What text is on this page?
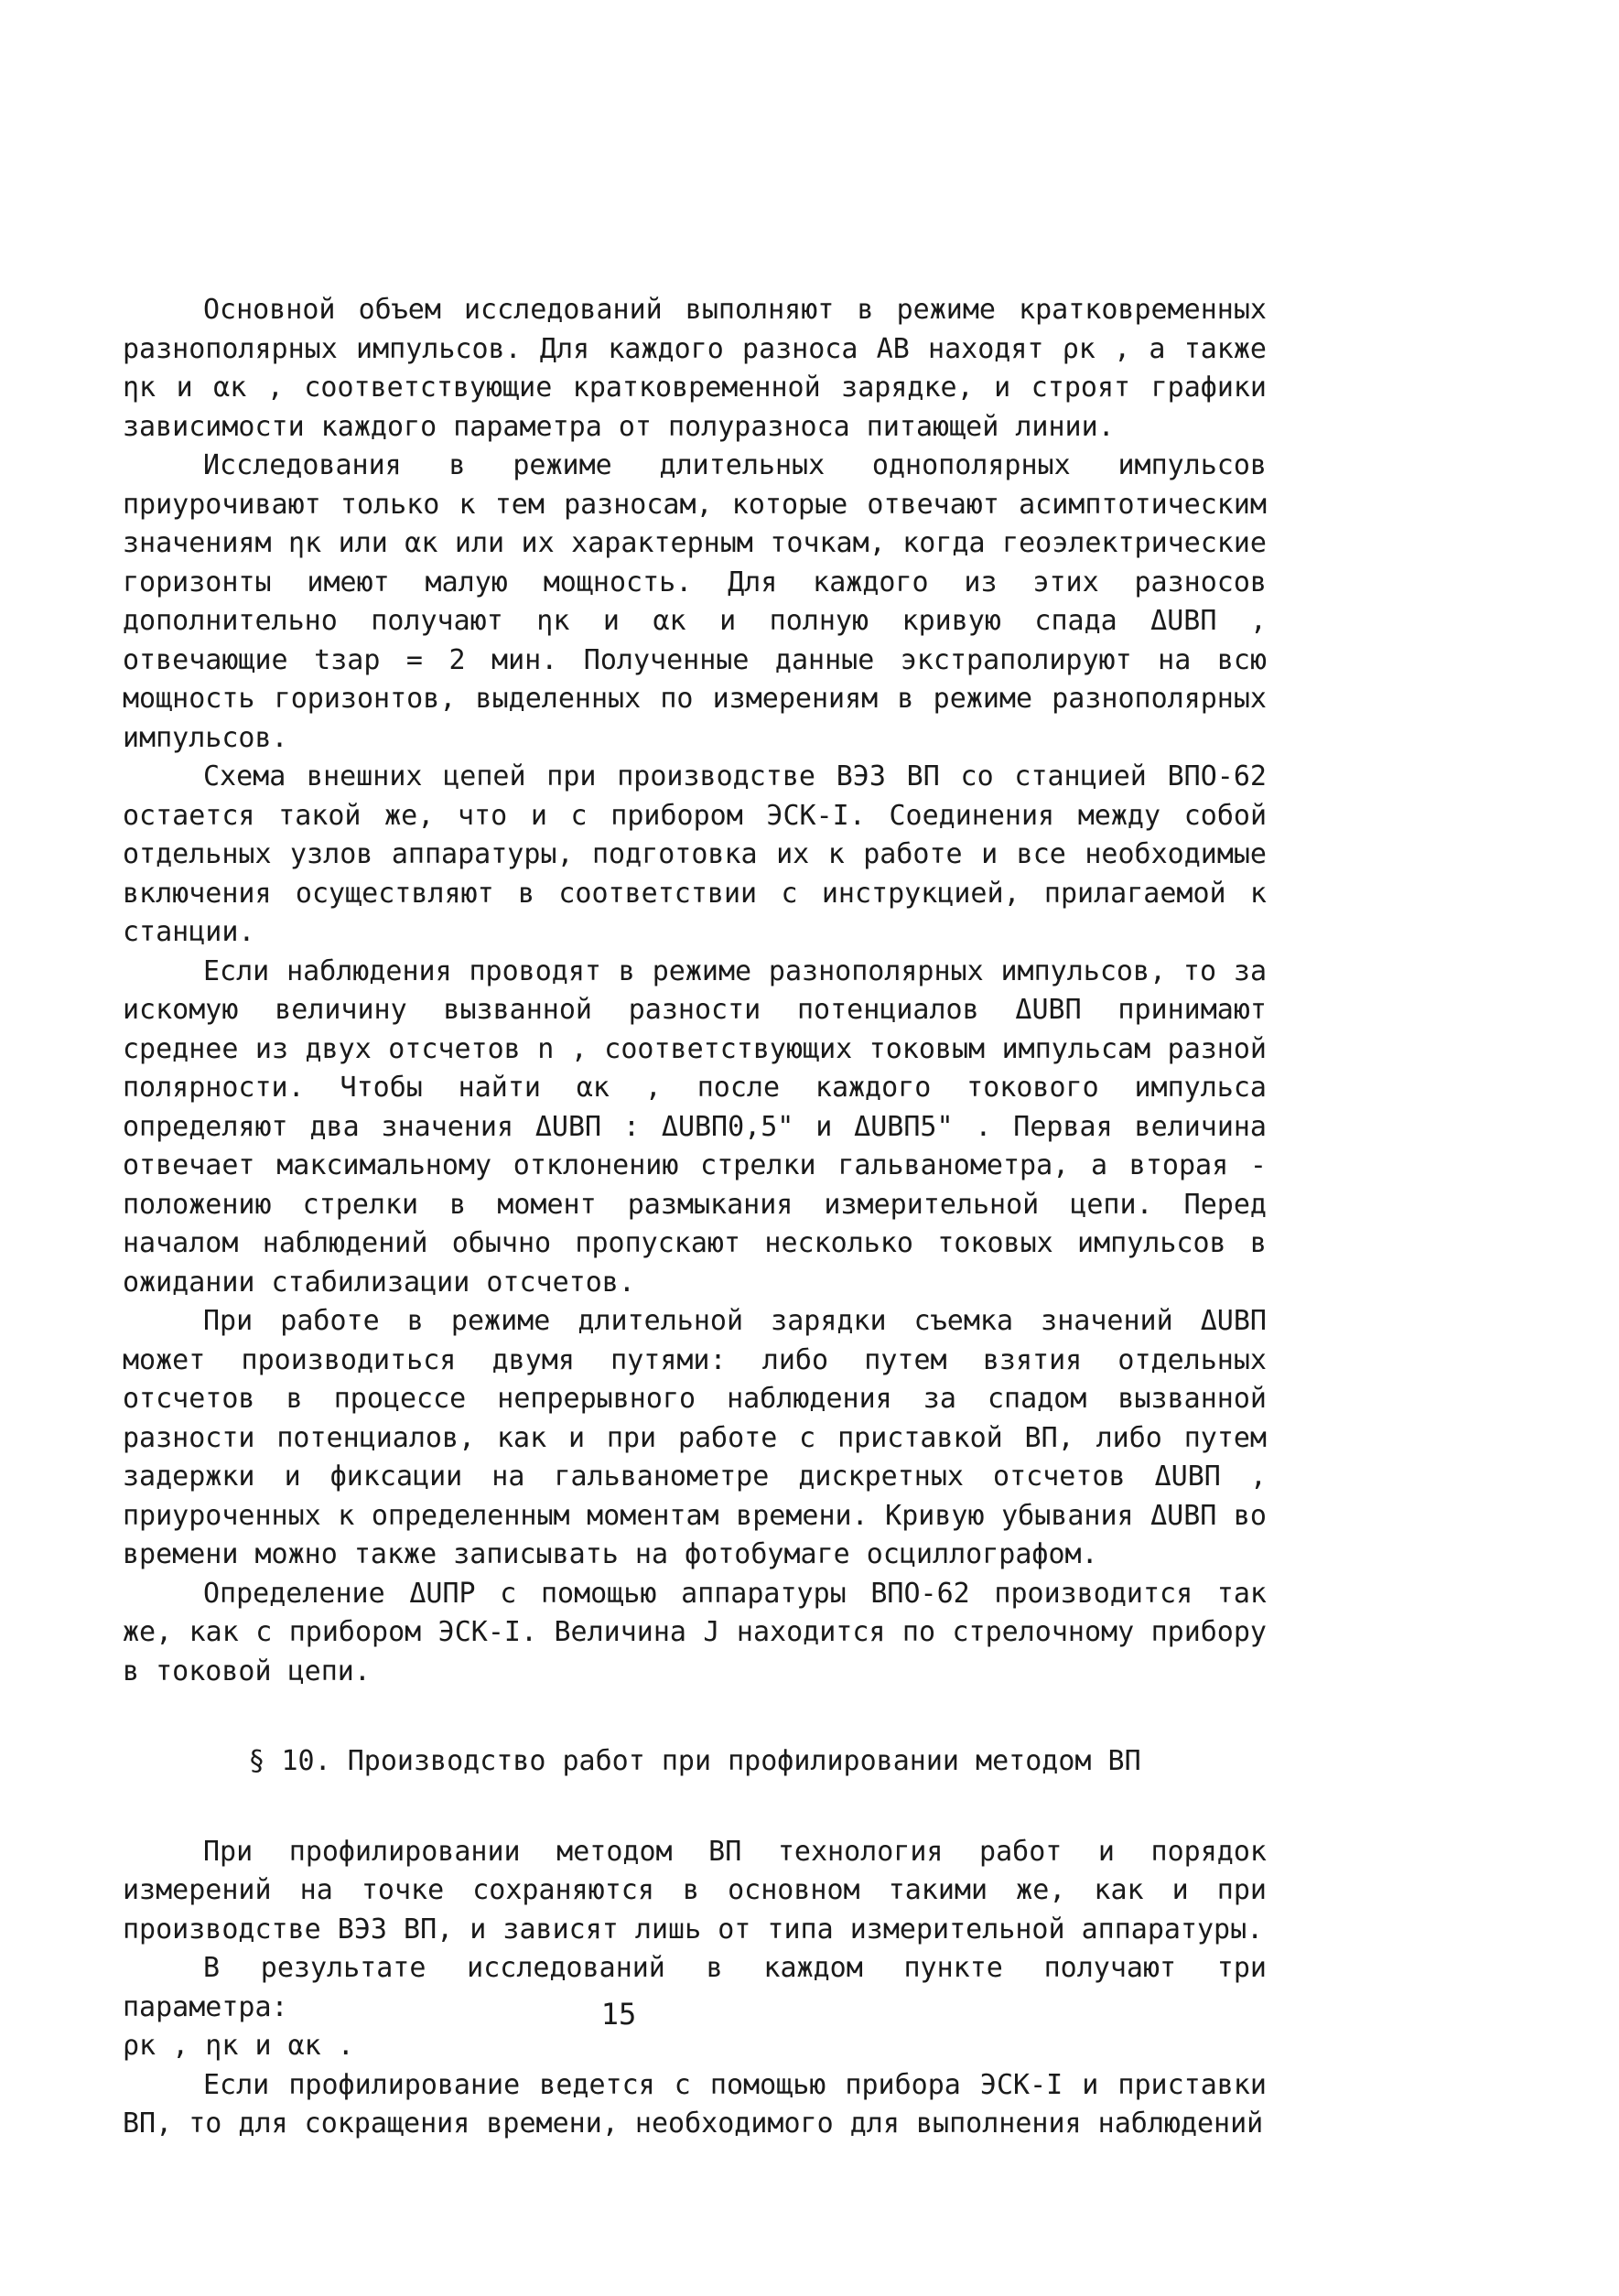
Основной объем исследований выполняют в режиме кратковременных разнополярных импульсов. Для каждого разноса АВ находят ρк , а также ηк и αк , соответствующие кратковременной зарядке, и строят графики зависимости каждого параметра от полуразноса питающей линии.

Исследования в режиме длительных однополярных импульсов приурочивают только к тем разносам, которые отвечают асимптотическим значениям ηк или αк или их характерным точкам, когда геоэлектрические горизонты имеют малую мощность. Для каждого из этих разносов дополнительно получают ηк и αк и полную кривую спада ΔUВП , отвечающие tзар = 2 мин. Полученные данные экстраполируют на всю мощность горизонтов, выделенных по измерениям в режиме разнополярных импульсов.

Схема внешних цепей при производстве ВЭЗ ВП со станцией ВПО-62 остается такой же, что и с прибором ЭСК-I. Соединения между собой отдельных узлов аппаратуры, подготовка их к работе и все необходимые включения осуществляют в соответствии с инструкцией, прилагаемой к станции.

Если наблюдения проводят в режиме разнополярных импульсов, то за искомую величину вызванной разности потенциалов ΔUВП принимают среднее из двух отсчетов n , соответствующих токовым импульсам разной полярности. Чтобы найти αк , после каждого токового импульса определяют два значения ΔUВП : ΔUВП0,5" и ΔUВП5" . Первая величина отвечает максимальному отклонению стрелки гальванометра, а вторая - положению стрелки в момент размыкания измерительной цепи. Перед началом наблюдений обычно пропускают несколько токовых импульсов в ожидании стабилизации отсчетов.

При работе в режиме длительной зарядки съемка значений ΔUВП может производиться двумя путями: либо путем взятия отдельных отсчетов в процессе непрерывного наблюдения за спадом вызванной разности потенциалов, как и при работе с приставкой ВП, либо путем задержки и фиксации на гальванометре дискретных отсчетов ΔUВП , приуроченных к определенным моментам времени. Кривую убывания ΔUВП во времени можно также записывать на фотобумаге осциллографом.

Определение ΔUПР с помощью аппаратуры ВПО-62 производится так же, как с прибором ЭСК-I. Величина J находится по стрелочному прибору в токовой цепи.

§ 10. Производство работ при профилировании методом ВП

При профилировании методом ВП технология работ и порядок измерений на точке сохраняются в основном такими же, как и при производстве ВЭЗ ВП, и зависят лишь от типа измерительной аппаратуры.

В результате исследований в каждом пункте получают три параметра:

ρк , ηк и αк .

Если профилирование ведется с помощью прибора ЭСК-I и приставки ВП, то для сокращения времени, необходимого для выполнения наблюдений

15
